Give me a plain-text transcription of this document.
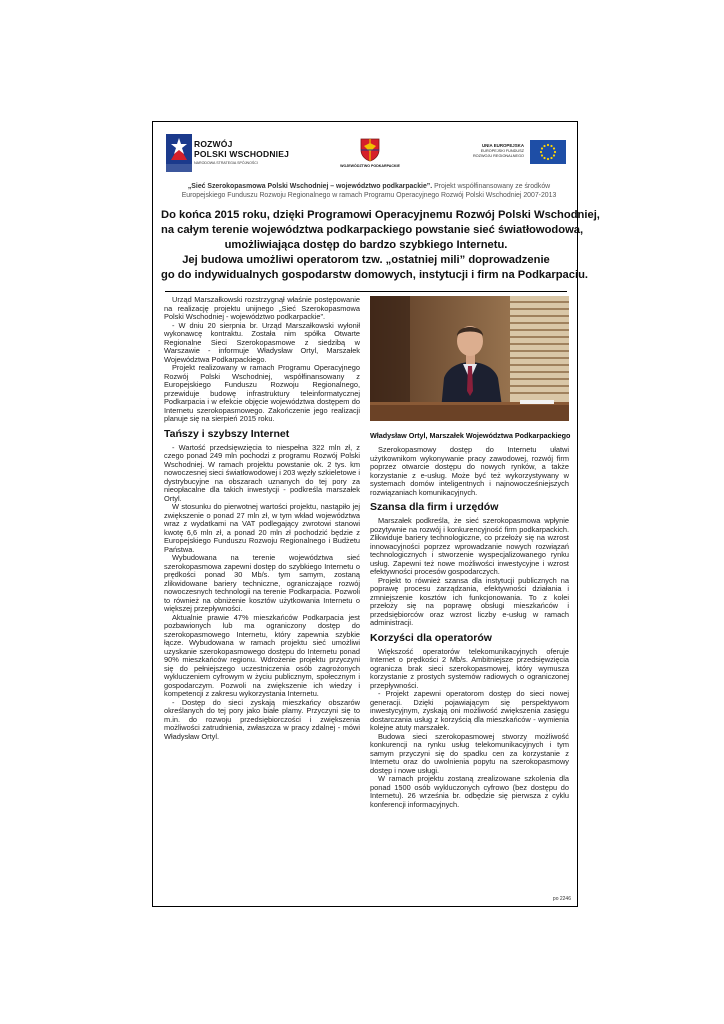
ROZWÓJ
POLSKI WSCHODNIEJ
NARODOWA STRATEGIA SPÓJNOŚCI
WOJEWÓDZTWO PODKARPACKIE
UNIA EUROPEJSKA
EUROPEJSKI FUNDUSZ
ROZWOJU REGIONALNEGO
„Sieć Szerokopasmowa Polski Wschodniej – województwo podkarpackie”. Projekt współfinansowany ze środków
Europejskiego Funduszu Rozwoju Regionalnego w ramach Programu Operacyjnego Rozwój Polski Wschodniej 2007-2013
Do końca 2015 roku, dzięki Programowi Operacyjnemu Rozwój Polski Wschodniej,
na całym terenie województwa podkarpackiego powstanie sieć światłowodowa,
umożliwiająca dostęp do bardzo szybkiego Internetu.
Jej budowa umożliwi operatorom tzw. „ostatniej mili” doprowadzenie
go do indywidualnych gospodarstw domowych, instytucji i firm na Podkarpaciu.

Urząd Marszałkowski rozstrzygnął właśnie postępowanie na realizację projektu unijnego „Sieć Szerokopasmowa Polski Wschodniej - województwo podkarpackie”.

- W dniu 20 sierpnia br. Urząd Marszałkowski wyłonił wykonawcę kontraktu. Została nim spółka Otwarte Regionalne Sieci Szerokopasmowe z siedzibą w Warszawie - informuje Władysław Ortyl, Marszałek Województwa Podkarpackiego.

Projekt realizowany w ramach Programu Operacyjnego Rozwój Polski Wschodniej, współfinansowany z Europejskiego Funduszu Rozwoju Regionalnego, przewiduje budowę infrastruktury teleinformatycznej Podkarpacia i w efekcie objęcie województwa dostępem do Internetu szerokopasmowego. Zakończenie jego realizacji planuje się na sierpień 2015 roku.

Tańszy i szybszy Internet

- Wartość przedsięwzięcia to niespełna 322 mln zł, z czego ponad 249 mln pochodzi z programu Rozwój Polski Wschodniej. W ramach projektu powstanie ok. 2 tys. km nowoczesnej sieci światłowodowej i 203 węzły szkieletowe i dystrybucyjne na obszarach uznanych do tej pory za nieopłacalne dla takich inwestycji - podkreśla marszałek Ortyl.

W stosunku do pierwotnej wartości projektu, nastąpiło jej zwiększenie o ponad 27 mln zł, w tym wkład województwa wraz z wydatkami na VAT podlegający zwrotowi stanowi kwotę 6,6 mln zł, a ponad 20 mln zł pochodzić będzie z Europejskiego Funduszu Rozwoju Regionalnego i Budżetu Państwa.

Wybudowana na terenie województwa sieć szerokopasmowa zapewni dostęp do szybkiego Internetu o prędkości ponad 30 Mb/s. tym samym, zostaną zlikwidowane bariery techniczne, ograniczające rozwój nowoczesnych technologii na terenie Podkarpacia. Pozwoli to również na obniżenie kosztów użytkowania Internetu o większej przepływności.

Aktualnie prawie 47% mieszkańców Podkarpacia jest pozbawionych lub ma ograniczony dostęp do szerokopasmowego Internetu, który zapewnia szybkie łącze. Wybudowana w ramach projektu sieć umożliwi uzyskanie szerokopasmowego dostępu do Internetu ponad 90% mieszkańców regionu. Wdrożenie projektu przyczyni się do pełniejszego uczestniczenia osób zagrożonych wykluczeniem cyfrowym w życiu publicznym, społecznym i gospodarczym. Pozwoli na zwiększenie ich wiedzy i kompetencji z zakresu wykorzystania Internetu.

- Dostęp do sieci zyskają mieszkańcy obszarów określanych do tej pory jako białe plamy. Przyczyni się to m.in. do rozwoju przedsiębiorczości i zwiększenia możliwości zatrudnienia, zwłaszcza w pracy zdalnej - mówi Władysław Ortyl.

Władysław Ortyl, Marszałek Województwa Podkarpackiego

Szerokopasmowy dostęp do Internetu ułatwi użytkownikom wykonywanie pracy zawodowej, rozwój firm poprzez otwarcie dostępu do nowych rynków, a także korzystanie z e-usług. Może być też wykorzystywany w systemach domów inteligentnych i najnowocześniejszych rozwiązaniach komunikacyjnych.

Szansa dla firm i urzędów

Marszałek podkreśla, że sieć szerokopasmowa wpłynie pozytywnie na rozwój i konkurencyjność firm podkarpackich. Zlikwiduje bariery technologiczne, co przełoży się na wzrost innowacyjności poprzez wprowadzanie nowych rozwiązań technologicznych i stworzenie wyspecjalizowanego rynku usług. Zapewni też nowe możliwości inwestycyjne i wzrost efektywności procesów gospodarczych.

Projekt to również szansa dla instytucji publicznych na poprawę procesu zarządzania, efektywności działania i zmniejszenie kosztów ich funkcjonowania. To z kolei przełoży się na poprawę obsługi mieszkańców i przedsiębiorców oraz wzrost liczby e-usług w ramach administracji.

Korzyści dla operatorów

Większość operatorów telekomunikacyjnych oferuje Internet o prędkości 2 Mb/s. Ambitniejsze przedsięwzięcia ogranicza brak sieci szerokopasmowej, który wymusza korzystanie z prostych systemów radiowych o ograniczonej przepływności.

- Projekt zapewni operatorom dostęp do sieci nowej generacji. Dzięki pojawiającym się perspektywom inwestycyjnym, zyskają oni możliwość zwiększenia zasięgu dostarczania usług z korzyścią dla mieszkańców - wymienia kolejne atuty marszałek.

Budowa sieci szerokopasmowej stworzy możliwość konkurencji na rynku usług telekomunikacyjnych i tym samym przyczyni się do spadku cen za korzystanie z Internetu oraz do uwolnienia popytu na szerokopasmowy dostęp i nowe usługi.

W ramach projektu zostaną zrealizowane szkolenia dla ponad 1500 osób wykluczonych cyfrowo (bez dostępu do Internetu). 26 września br. odbędzie się pierwsza z cyklu konferencji informacyjnych.

po 2246
